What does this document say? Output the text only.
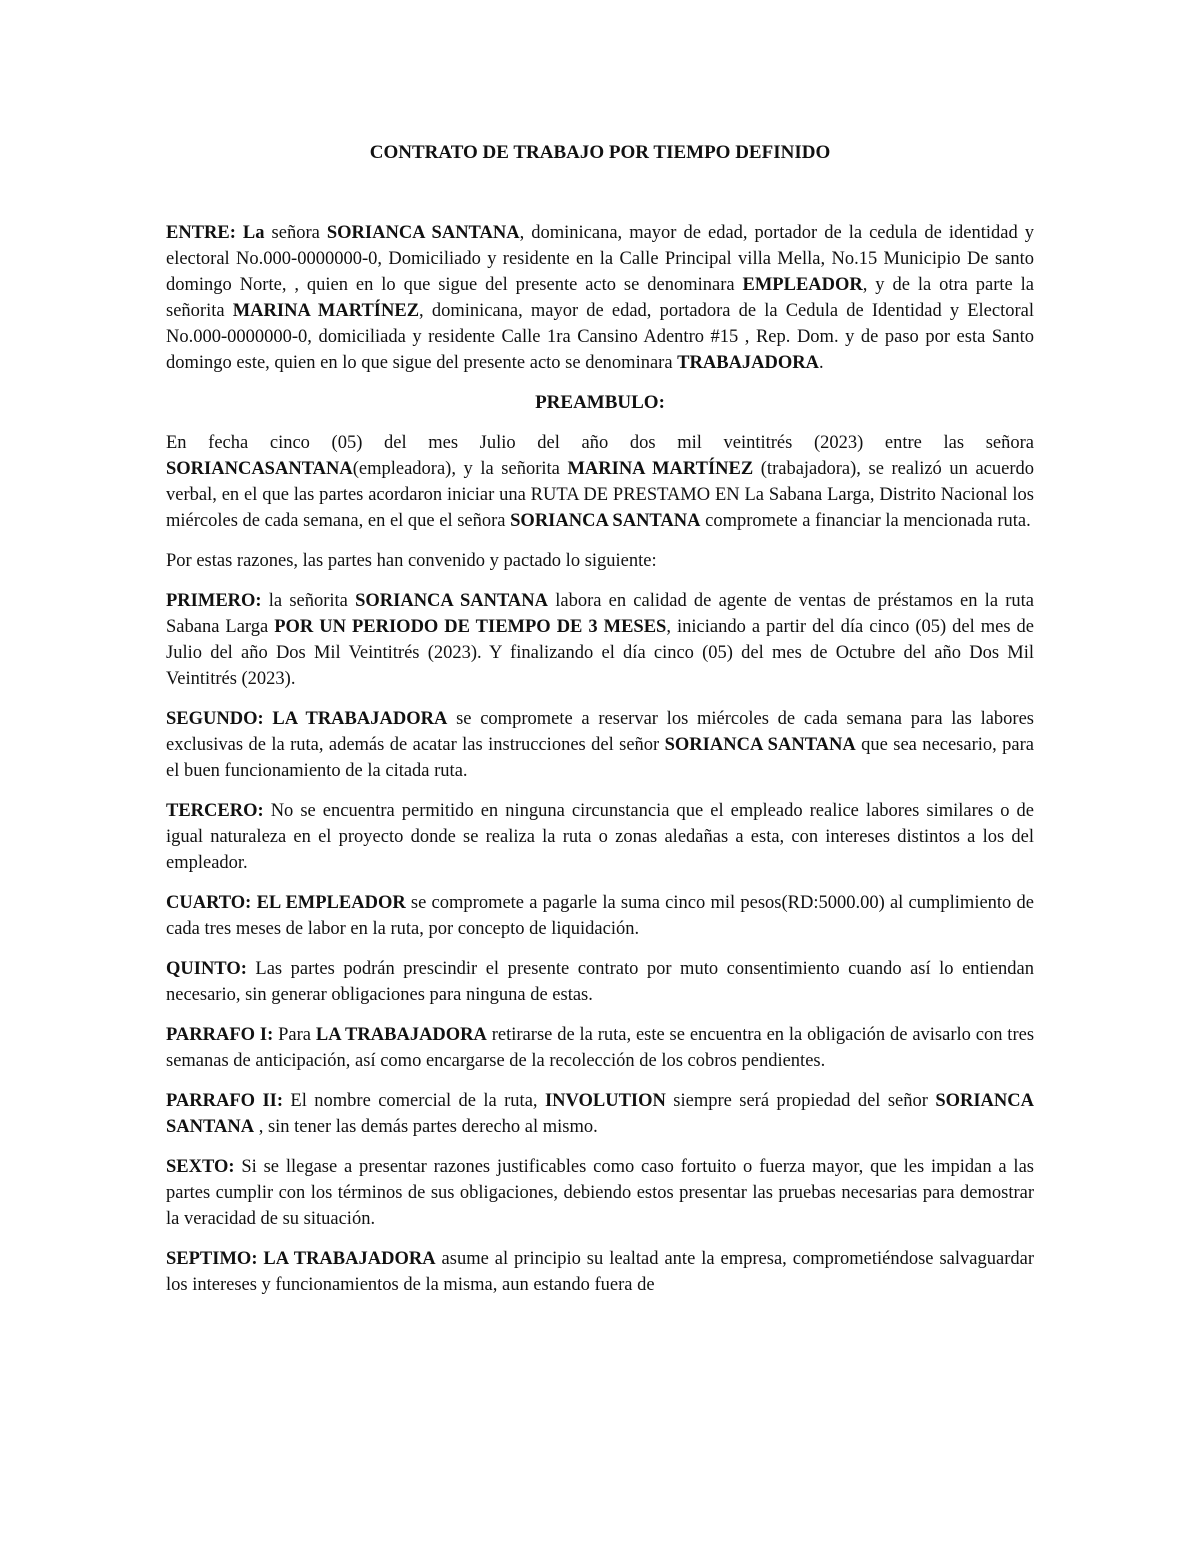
CONTRATO DE TRABAJO POR TIEMPO DEFINIDO

ENTRE: La señora SORIANCA SANTANA, dominicana, mayor de edad, portador de la cedula de identidad y electoral No.000-0000000-0, Domiciliado y residente en la Calle Principal villa Mella, No.15 Municipio De santo domingo Norte, , quien en lo que sigue del presente acto se denominara EMPLEADOR, y de la otra parte la señorita MARINA MARTÍNEZ, dominicana, mayor de edad, portadora de la Cedula de Identidad y Electoral No.000-0000000-0, domiciliada y residente Calle 1ra Cansino Adentro #15 , Rep. Dom. y de paso por esta Santo domingo este, quien en lo que sigue del presente acto se denominara TRABAJADORA.

PREAMBULO:

En fecha cinco (05) del mes Julio del año dos mil veintitrés (2023) entre las señora SORIANCASANTANA(empleadora), y la señorita MARINA MARTÍNEZ (trabajadora), se realizó un acuerdo verbal, en el que las partes acordaron iniciar una RUTA DE PRESTAMO EN La Sabana Larga, Distrito Nacional los miércoles de cada semana, en el que el señora SORIANCA SANTANA compromete a financiar la mencionada ruta.

Por estas razones, las partes han convenido y pactado lo siguiente:

PRIMERO: la señorita SORIANCA SANTANA labora en calidad de agente de ventas de préstamos en la ruta Sabana Larga POR UN PERIODO DE TIEMPO DE 3 MESES, iniciando a partir del día cinco (05) del mes de Julio del año Dos Mil Veintitrés (2023). Y finalizando el día cinco (05) del mes de Octubre del año Dos Mil Veintitrés (2023).

SEGUNDO: LA TRABAJADORA se compromete a reservar los miércoles de cada semana para las labores exclusivas de la ruta, además de acatar las instrucciones del señor SORIANCA SANTANA que sea necesario, para el buen funcionamiento de la citada ruta.

TERCERO: No se encuentra permitido en ninguna circunstancia que el empleado realice labores similares o de igual naturaleza en el proyecto donde se realiza la ruta o zonas aledañas a esta, con intereses distintos a los del empleador.

CUARTO: EL EMPLEADOR se compromete a pagarle la suma cinco mil pesos(RD:5000.00) al cumplimiento de cada tres meses de labor en la ruta, por concepto de liquidación.

QUINTO: Las partes podrán prescindir el presente contrato por muto consentimiento cuando así lo entiendan necesario, sin generar obligaciones para ninguna de estas.

PARRAFO I: Para LA TRABAJADORA retirarse de la ruta, este se encuentra en la obligación de avisarlo con tres semanas de anticipación, así como encargarse de la recolección de los cobros pendientes.

PARRAFO II: El nombre comercial de la ruta, INVOLUTION siempre será propiedad del señor SORIANCA SANTANA , sin tener las demás partes derecho al mismo.

SEXTO: Si se llegase a presentar razones justificables como caso fortuito o fuerza mayor, que les impidan a las partes cumplir con los términos de sus obligaciones, debiendo estos presentar las pruebas necesarias para demostrar la veracidad de su situación.

SEPTIMO: LA TRABAJADORA asume al principio su lealtad ante la empresa, comprometiéndose salvaguardar los intereses y funcionamientos de la misma, aun estando fuera de
